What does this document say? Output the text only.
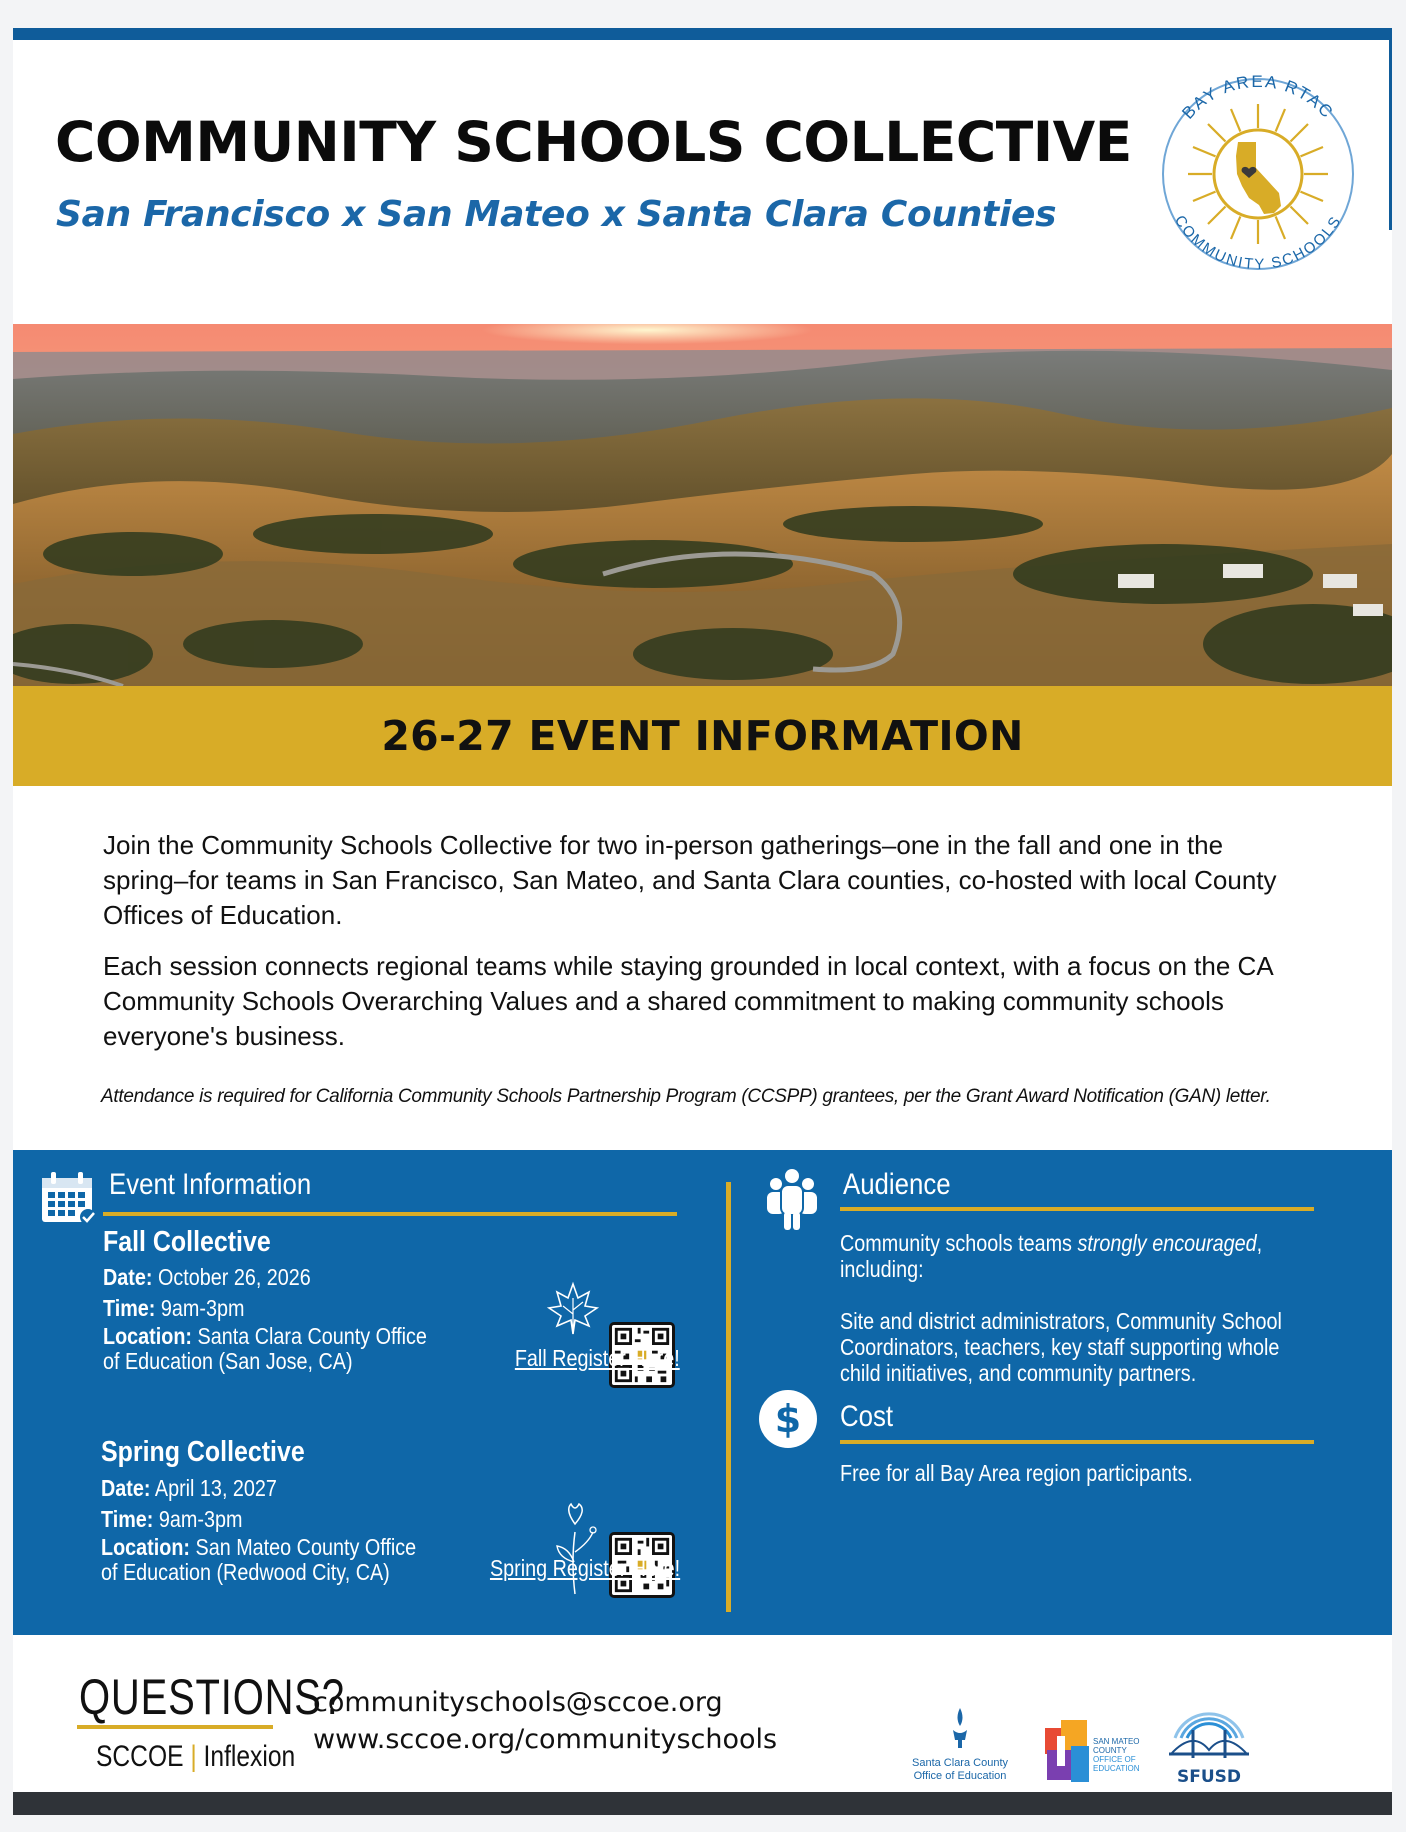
COMMUNITY SCHOOLS COLLECTIVE
San Francisco x San Mateo x Santa Clara Counties
BAY AREA RTAC
COMMUNITY SCHOOLS
26-27 EVENT INFORMATION

Join the Community Schools Collective for two in-person gatherings–one in the fall and one in the spring–for teams in San Francisco, San Mateo, and Santa Clara counties, co-hosted with local County Offices of Education.

Each session connects regional teams while staying grounded in local context, with a focus on the CA Community Schools Overarching Values and a shared commitment to making community schools everyone's business.

Attendance is required for California Community Schools Partnership Program (CCSPP) grantees, per the Grant Award Notification (GAN) letter.
Event Information
Fall Collective
Date: October 26, 2026
Time: 9am-3pm
Location: Santa Clara County Office
of Education (San Jose, CA)	Fall Register Here!
Spring Collective
Date: April 13, 2027
Time: 9am-3pm
Location: San Mateo County Office
of Education (Redwood City, CA)	Spring Register Here!
Audience
Community schools teams strongly encouraged,
including:
Site and district administrators, Community School
Coordinators, teachers, key staff supporting whole
child initiatives, and community partners.
$	Cost
Free for all Bay Area region participants.
QUESTIONS?
SCCOE | Inflexion
communityschools@sccoe.org
www.sccoe.org/communityschools
Santa Clara County
Office of Education
SAN MATEO
COUNTY
OFFICE OF
EDUCATION SFUSD
